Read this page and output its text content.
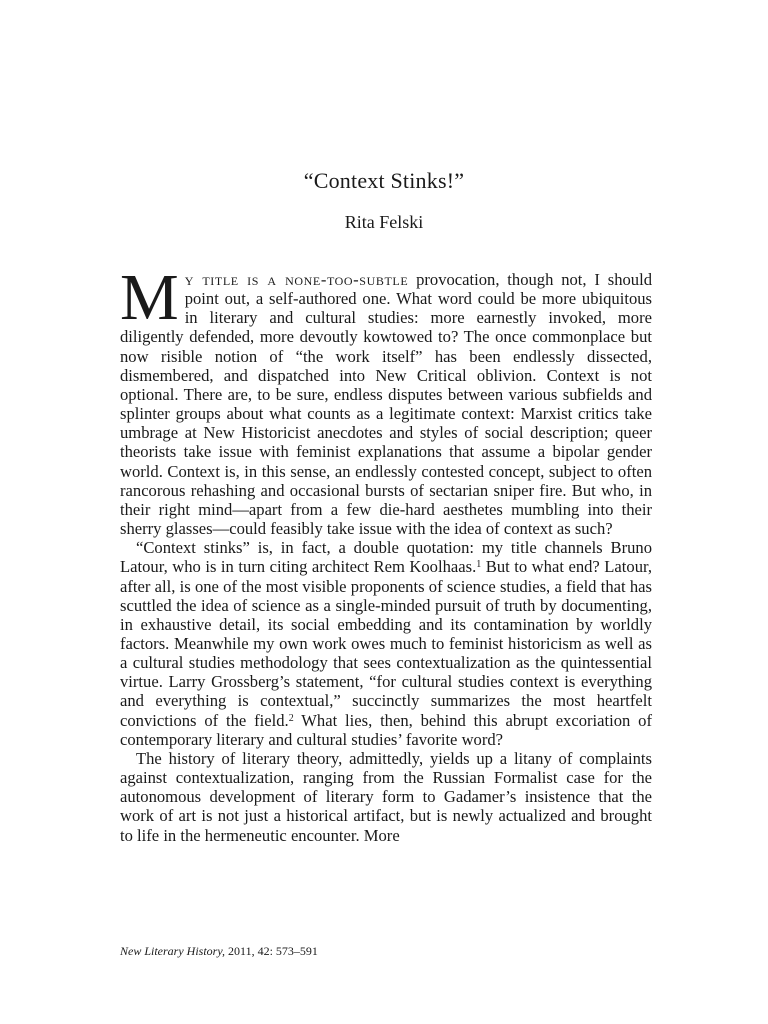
“Context Stinks!”
Rita Felski

My title is a none-too-subtle provocation, though not, I should point out, a self-authored one. What word could be more ubiquitous in literary and cultural studies: more earnestly invoked, more diligently defended, more devoutly kowtowed to? The once commonplace but now risible notion of “the work itself” has been endlessly dissected, dismembered, and dispatched into New Critical oblivion. Context is not optional. There are, to be sure, endless disputes between various subfields and splinter groups about what counts as a legitimate context: Marxist critics take umbrage at New Historicist anecdotes and styles of social description; queer theorists take issue with feminist explanations that assume a bipolar gender world. Context is, in this sense, an endlessly contested concept, subject to often rancorous rehashing and occasional bursts of sectarian sniper fire. But who, in their right mind—apart from a few die-hard aesthetes mumbling into their sherry glasses—could feasibly take issue with the idea of context as such?

“Context stinks” is, in fact, a double quotation: my title channels Bruno Latour, who is in turn citing architect Rem Koolhaas.$^1$ But to what end? Latour, after all, is one of the most visible proponents of science studies, a field that has scuttled the idea of science as a single-minded pursuit of truth by documenting, in exhaustive detail, its social embedding and its contamination by worldly factors. Meanwhile my own work owes much to feminist historicism as well as a cultural studies methodology that sees contextualization as the quintessential virtue. Larry Grossberg’s statement, “for cultural studies context is everything and everything is contextual,” succinctly summarizes the most heartfelt convictions of the field.$^2$ What lies, then, behind this abrupt excoriation of contemporary literary and cultural studies’ favorite word?

The history of literary theory, admittedly, yields up a litany of complaints against contextualization, ranging from the Russian Formalist case for the autonomous development of literary form to Gadamer’s insistence that the work of art is not just a historical artifact, but is newly actualized and brought to life in the hermeneutic encounter. More

New Literary History, 2011, 42: 573–591
